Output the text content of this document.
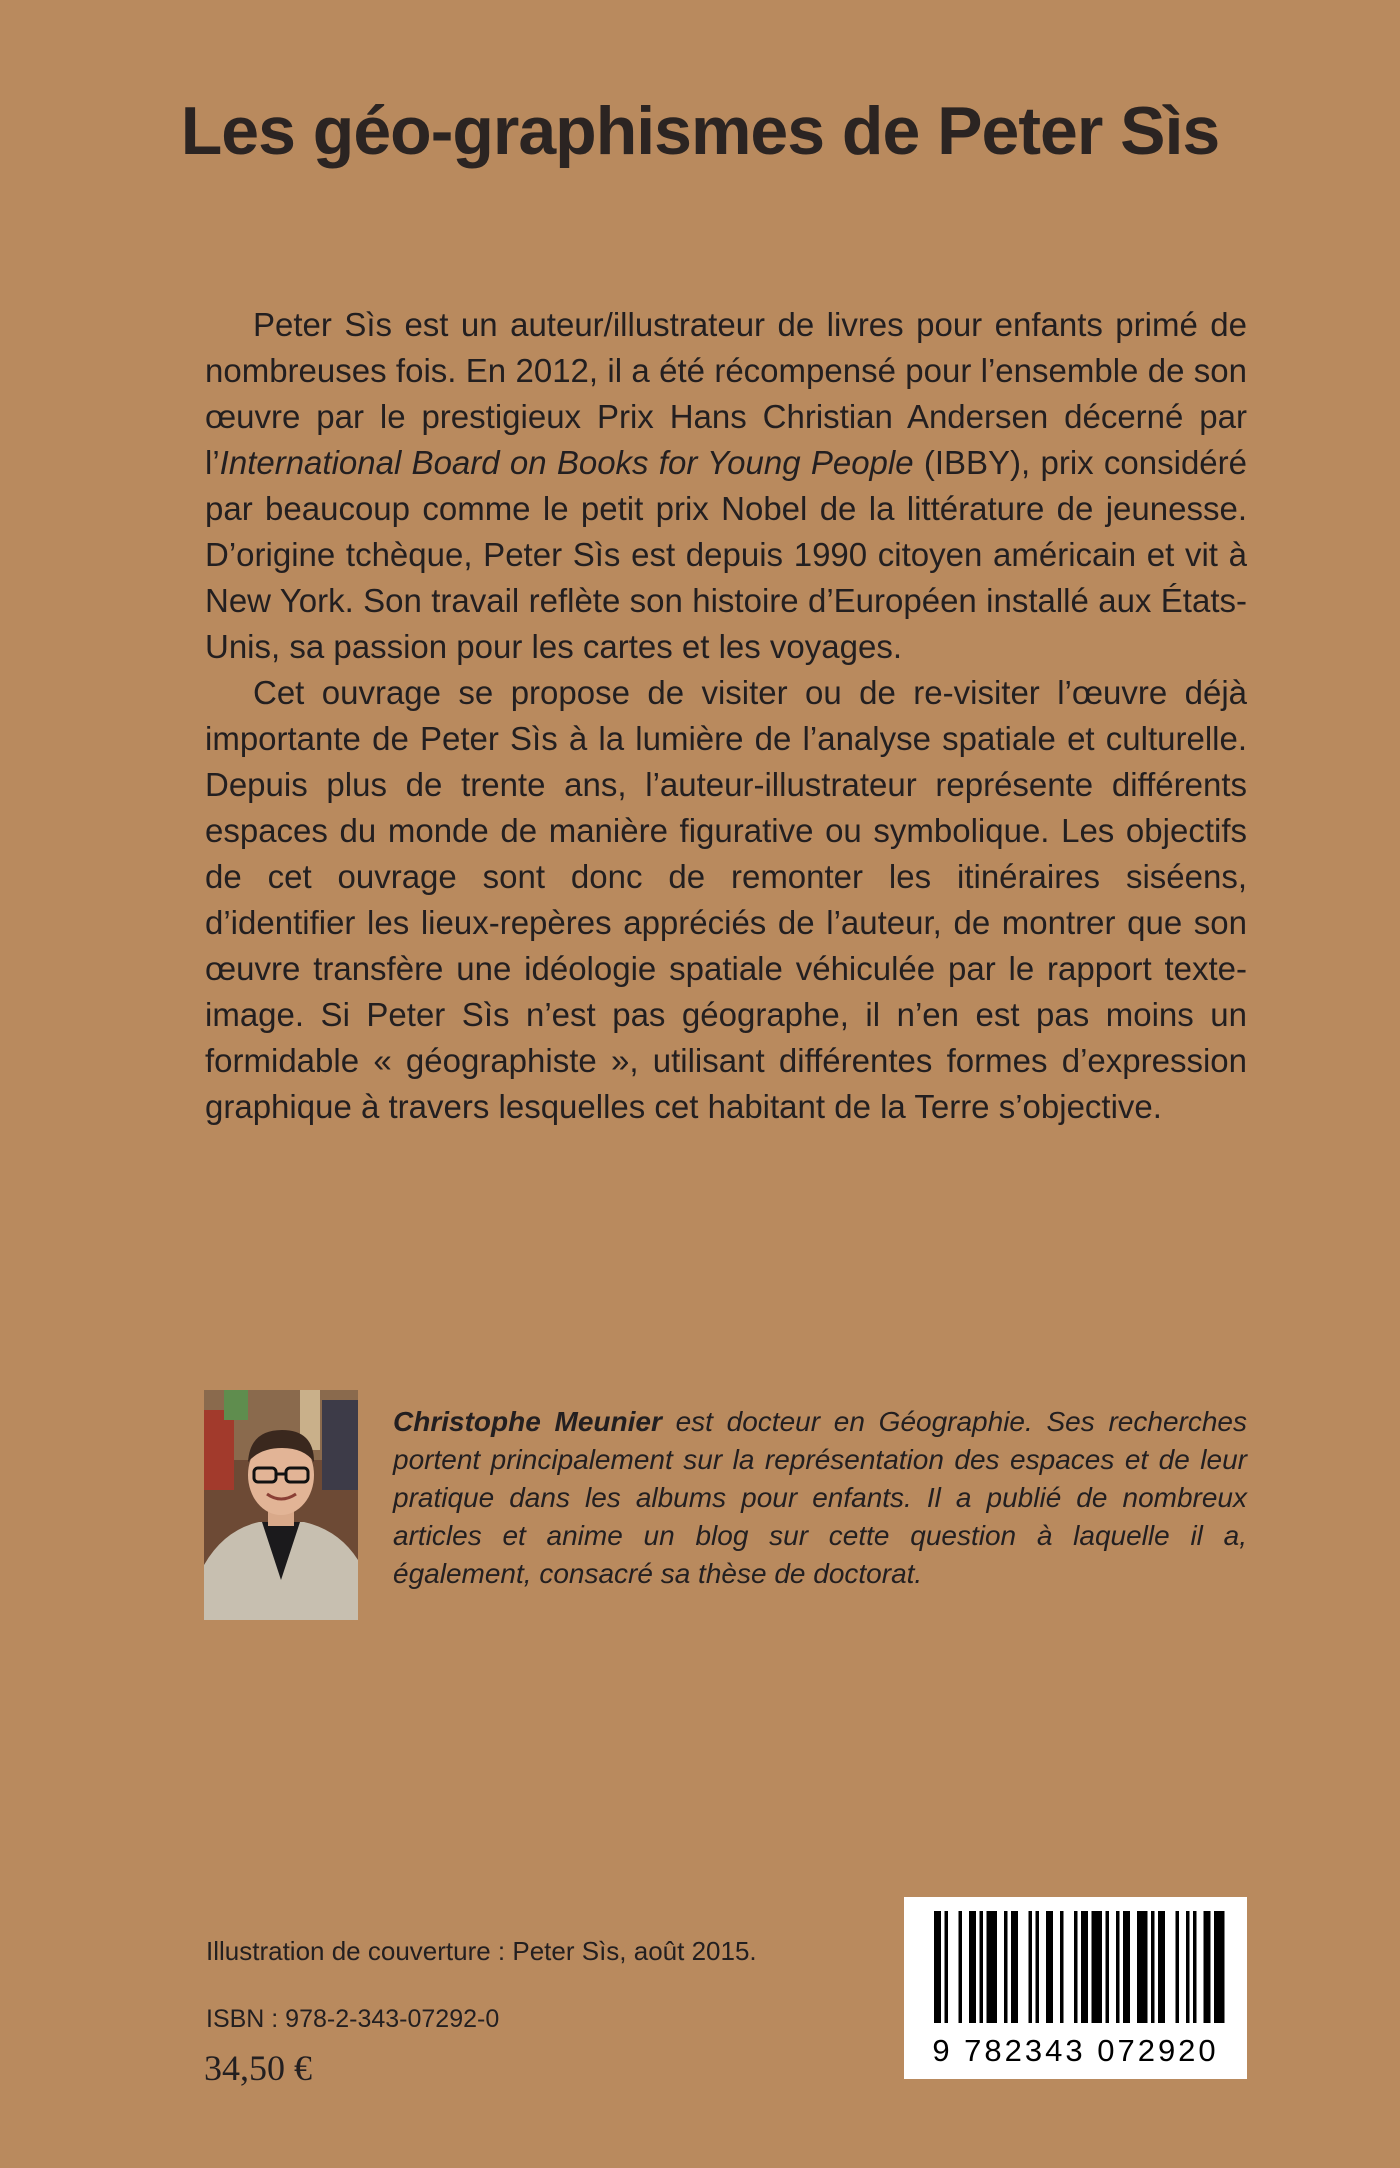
Les géo-graphismes de Peter Sìs

Peter Sìs est un auteur/illustrateur de livres pour enfants primé de nombreuses fois. En 2012, il a été récompensé pour l’ensemble de son œuvre par le prestigieux Prix Hans Christian Andersen décerné par l’International Board on Books for Young People (IBBY), prix considéré par beaucoup comme le petit prix Nobel de la littérature de jeunesse. D’origine tchèque, Peter Sìs est depuis 1990 citoyen américain et vit à New York. Son travail reflète son histoire d’Européen installé aux États-Unis, sa passion pour les cartes et les voyages.

Cet ouvrage se propose de visiter ou de re-visiter l’œuvre déjà importante de Peter Sìs à la lumière de l’analyse spatiale et culturelle. Depuis plus de trente ans, l’auteur-illustrateur représente différents espaces du monde de manière figurative ou symbolique. Les objectifs de cet ouvrage sont donc de remonter les itinéraires siséens, d’identifier les lieux-repères appréciés de l’auteur, de montrer que son œuvre transfère une idéologie spatiale véhiculée par le rapport texte-image. Si Peter Sìs n’est pas géographe, il n’en est pas moins un formidable « géographiste », utilisant différentes formes d’expression graphique à travers lesquelles cet habitant de la Terre s’objective.

Christophe Meunier est docteur en Géographie. Ses recherches portent principalement sur la représentation des espaces et de leur pratique dans les albums pour enfants. Il a publié de nombreux articles et anime un blog sur cette question à laquelle il a, également, consacré sa thèse de doctorat.

Illustration de couverture : Peter Sìs, août 2015.
ISBN : 978-2-343-07292-0
34,50 €	9 782343 072920
